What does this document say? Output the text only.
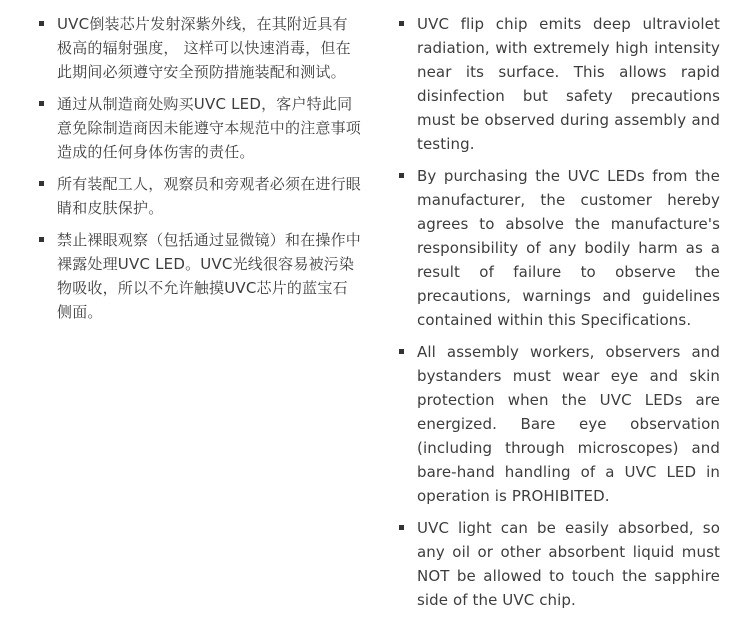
UVC倒装芯片发射深紫外线，在其附近具有极高的辐射强度， 这样可以快速消毒，但在此期间必须遵守安全预防措施装配和测试。
通过从制造商处购买UVC LED，客户特此同意免除制造商因未能遵守本规范中的注意事项造成的任何身体伤害的责任。
所有装配工人，观察员和旁观者必须在进行眼睛和皮肤保护。
禁止裸眼观察（包括通过显微镜）和在操作中裸露处理UVC LED。UVC光线很容易被污染物吸收，所以不允许触摸UVC芯片的蓝宝石侧面。
UVC flip chip emits deep ultraviolet radiation, with extremely high intensity near its surface. This allows rapid disinfection but safety precautions must be observed during assembly and testing.
By purchasing the UVC LEDs from the manufacturer, the customer hereby agrees to absolve the manufacture's responsibility of any bodily harm as a result of failure to observe the precautions, warnings and guidelines contained within this Specifications.
All assembly workers, observers and bystanders must wear eye and skin protection when the UVC LEDs are energized. Bare eye observation (including through microscopes) and bare-hand handling of a UVC LED in operation is PROHIBITED.
UVC light can be easily absorbed, so any oil or other absorbent liquid must NOT be allowed to touch the sapphire side of the UVC chip.
